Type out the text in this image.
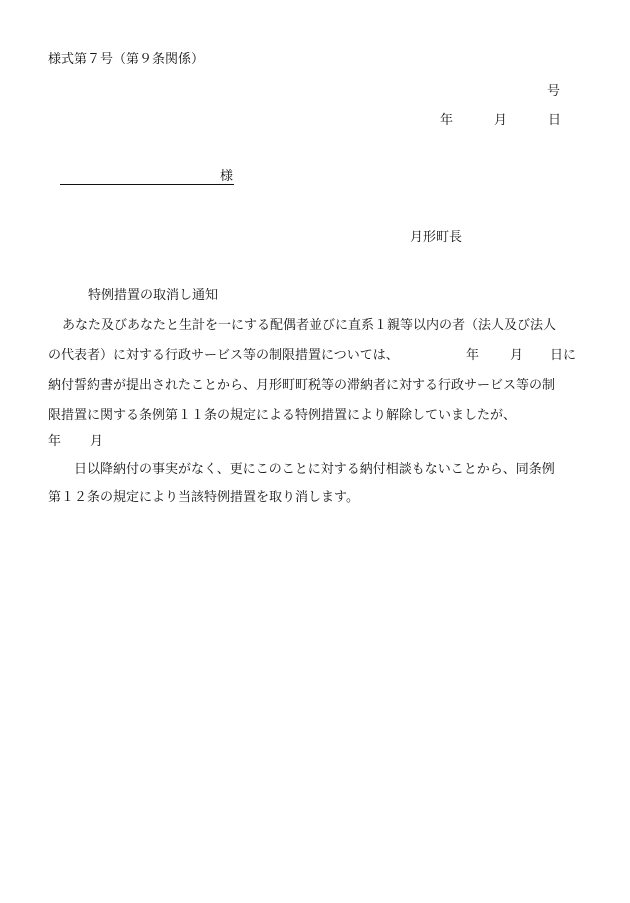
様式第７号（第９条関係）
号
年	月	日
様
月形町長
特例措置の取消し通知
あなた及びあなたと生計を一にする配偶者並びに直系１親等以内の者（法人及び法人
の代表者）に対する行政サービス等の制限措置については、	年 月 日に
納付誓約書が提出されたことから、月形町町税等の滞納者に対する行政サービス等の制
限措置に関する条例第１１条の規定による特例措置により解除していましたが、
年 月
日以降納付の事実がなく、更にこのことに対する納付相談もないことから、同条例
第１２条の規定により当該特例措置を取り消します。
